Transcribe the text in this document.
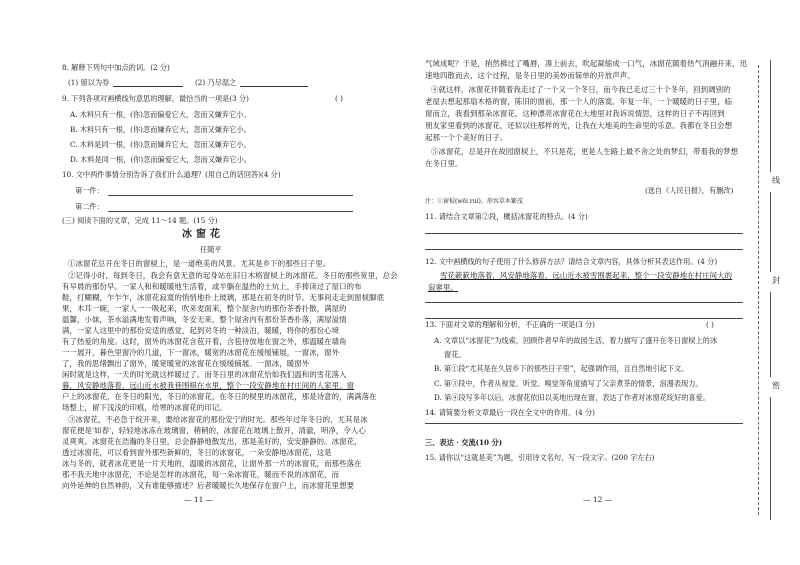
8. 解释下列句中加点的词。(2 分)
(1) 留以为券	(2) 乃尽湿之
9. 下列各项对画横线句意思的理解，最恰当的一项是(3 分)	( )
A. 木料只有一根，(你)忽而偏爱它大，忽而又嫌弃它小。
B. 木料只有一根，(你)忽而嫌弃它大，忽而又嫌弃它小。
C. 木料是同一根，(你)忽而嫌弃它大，忽而又嫌弃它小。
D. 木料是同一根，(你)忽而偏爱它大，忽而又嫌弃它小。
10. 文中两件事情分别告诉了我们什么道理？(用自己的话回答)(4 分)
第一件：
第二件：
(三) 阅读下面的文章，完成 11～14 题。(15 分)
冰窗花
任随平
①冰窗花总开在冬日的窗棂上，是一道绝美的风景。尤其是乡下的那些日子里。
②记得小时，每到冬日，我会有意无意的起身站在旧日木格窗棂上的冰窗花。冬日的那些宽里，总会
有早晨的那份早。一家人和和暖暖地生活着，或半躺在温热的土炕上，手捧读过了屋口的布
鞋，打糊糊，乍乍乍，冰窗花寂寞的悄悄地扑上玻璃，那是在初冬的时节。无事间走走到窗棂脚底
果，木耳一碗，一家人一一吸起来，吹来麦面来，整个屋舍内的那份茶香扑散，满屋的
温馨，小妹，茶水溢满地发着声响，冬安无来，整个屋舍内有那份茶香扑落，满屋溢情
满，一家人这里中的那份安适的感觉，起到对冬的一种淡泊，暖暖，将你的那份心境
有了热爱的角度。这时，窗外的冰窗花含苞开着，含苞待放地在窗之外，那温暖在墙角
一一展开，暮色里窗冷的几道，下一窗冰，暖宽的冰窗花在缓缓铺展，一窗冰，窗外
了，我的思绪飘出了窗外，暖宽暖宽的冰窗花在缓缓铺展。一窗冰，暖窗外
闲时就是这样，一天的时光就这样暖过了。而冬日里的冰窗花恰如我们温和的雪花落入
暮，风安静地落着，远山近水被我巷围棋在水里，整个一段安静地在村庄间的人家里。窗
户上的冰窗花，在冬日的阳光，冬日的冰窗花，在冬日的棂里的冰窗花，那是诗意的，满满落在
场整上，留下浅浅的印痕，给寒的冰窗花的印记。
③冰窗花，不必急于绽开来，要给冰窗花的那份安宁的时光。那些年过年冬日的，尤其是冰
窗花便是'如春'，轻轻地冰冻在玻璃窗，稍稍的，冰窗花在玻璃上散开，清澈，明净，令人心
灵爽爽。冰窗花在浩瀚的冬日里，总会静静地散发出，那是美好的，安安静静的。冰窗花，
透过冰窗花，可以看到窗外那些新鲜的，冬日的冰窗花，一朵安静地冰窗花，这是
冰与冬的，就者冰花更是一片天地的，温暖的冰窗花，让窗外那一片的冰窗花，而那些落在
那不我天地中冰窗花，不论是怎样的冰窗花，每一朵冰窗花，暖而不说的冰窗花，而
向外延伸的自然神韵，又有谁能够描述？后者暖暖长久地保存在窗户上，而冰窗花里想要
— 11 —
气域成呢？于是，捎然拂过了嘴唇，凑上前去，吹起凝缩成一口气，冰窗花随着热气消融开来，迅
速地四散而去，这个过程，是冬日里的美妙而简单的开放声声。
④就这样，冰窗花伴随着我走过了一个又一个冬日，而今我已走过三十个冬年，回到阔别的
老屋去想起那扇木格的窗，陈旧的窗前，那一个人的落寞。年复一年，一个暖暖的日子里，临
窗而立，我看到那朵冰窗花，这种漂亮冰窗花在大地里对我诉说情思，这样的日子不再回到
朋友家里看到的冰窗花，还似以往那样的光，让我在大地美的生命里的乐意。我都在冬日会想
起那一个个美好的日子。
⑤冰窗花，总是开在故园窗棂上，不只是花，更是人生路上最不舍之处的梦幻，带着我的梦想
在冬日里。
(选自《人民日报》，有删改)
注：①窗棂(wēi ruí)，形容草木繁茂
11. 请结合文章第②段，概括冰窗花的特点。(4 分)
12. 文中画横线的句子使用了什么修辞方法？请结合文章内容，具体分析其表达作用。(4 分)
雪花簌簌地落着，风安静地落着，远山近水被雪围裹起来，整个一段安静地在村庄间大的
寂寥里。
13. 下面对文章的理解和分析，不正确的一项是(3 分)	( )
A. 文章以“冰窗花”为线索，回顾作者早年的故园生活，着力描写了盛开在冬日窗棂上的冰
窗花。
B. 第①段“尤其是在久居乡下的那些日子里”，起强调作用，且自然地引起下文。
C. 第③段中，作者从视觉、听觉、嗅觉等角度描写了父亲煮茶的情景，浪漫表现力。
D. 第④段写多年以后，冰窗花依旧以美地出现在窗，表达了作者对冰窗花绽好的喜爱。
14. 请简要分析文章最后一段在全文中的作用。(4 分)
三、表达 · 交流(10 分)
15. 请你以“这就是美”为题，引用诗文名句，写一段文字。(200 字左右)
— 12 —
线
封
密
